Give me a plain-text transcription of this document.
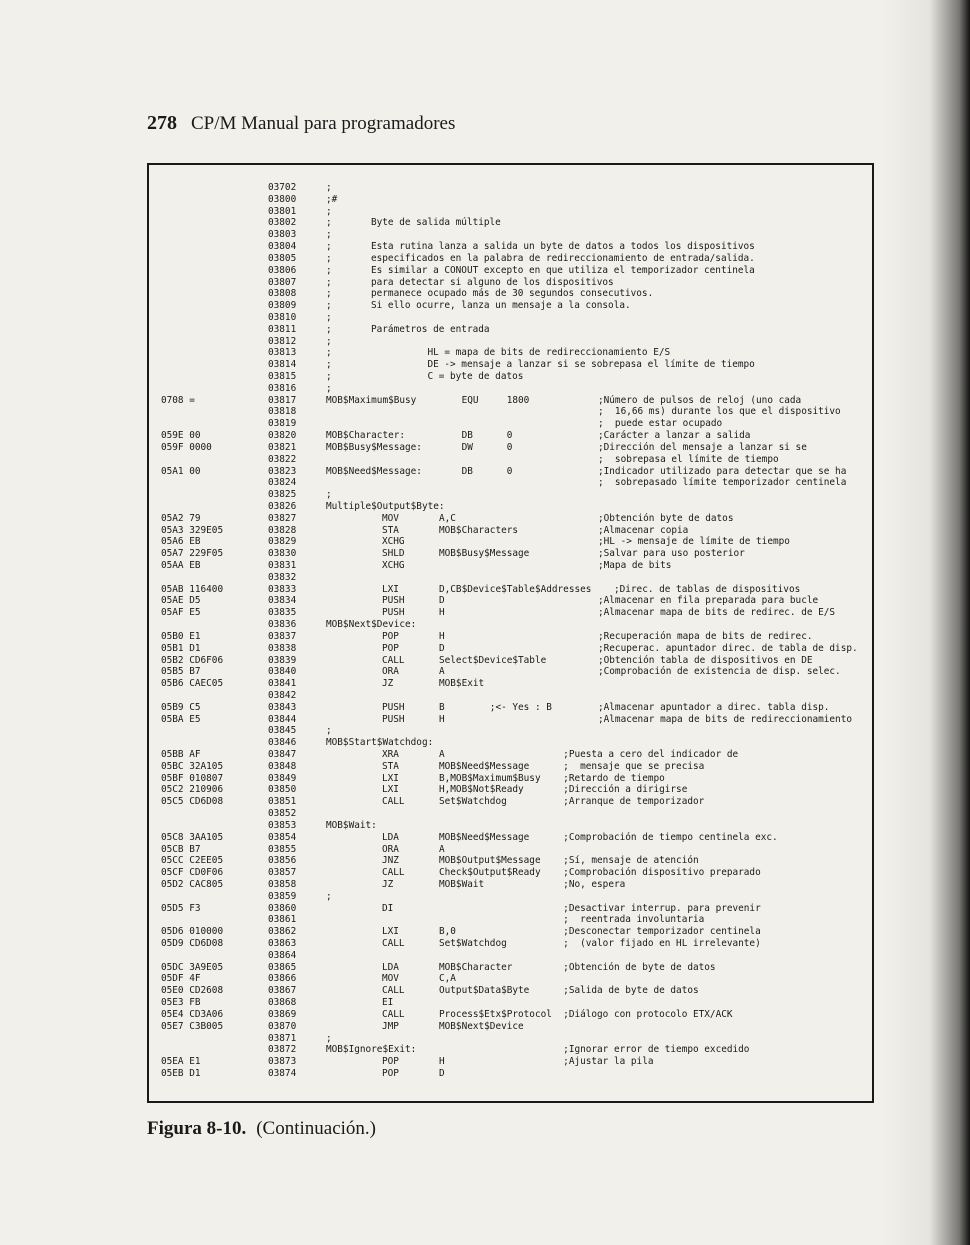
278 CP/M Manual para programadores
03702	;
03800	;#
03801	;
03802	;	Byte de salida múltiple
03803	;
03804	;	Esta rutina lanza a salida un byte de datos a todos los dispositivos
03805	;	especificados en la palabra de redireccionamiento de entrada/salida.
03806	;	Es similar a CONOUT excepto en que utiliza el temporizador centinela
03807	;	para detectar si alguno de los dispositivos
03808	;	permanece ocupado más de 30 segundos consecutivos.
03809	;	Si ello ocurre, lanza un mensaje a la consola.
03810	;
03811	;	Parámetros de entrada
03812	;
03813	;	HL = mapa de bits de redireccionamiento E/S
03814	;	DE -> mensaje a lanzar si se sobrepasa el límite de tiempo
03815	;	C = byte de datos
03816	;
0708 =	03817	MOB$Maximum$Busy EQU     1800	;Número de pulsos de reloj (uno cada
03818	;  16,66 ms) durante los que el dispositivo
03819	;  puede estar ocupado
059E 00	03820	MOB$Character:	DB      0	;Carácter a lanzar a salida
059F 0000	03821	MOB$Busy$Message: DW      0	;Dirección del mensaje a lanzar si se
03822	;  sobrepasa el límite de tiempo
05A1 00	03823	MOB$Need$Message: DB      0	;Indicador utilizado para detectar que se ha
03824	;  sobrepasado límite temporizador centinela
03825	;
03826	Multiple$Output$Byte:
05A2 79	03827	MOV	A,C	;Obtención byte de datos
05A3 329E05	03828	STA	MOB$Characters	;Almacenar copia
05A6 EB	03829	XCHG	;HL -> mensaje de límite de tiempo
05A7 229F05	03830	SHLD	MOB$Busy$Message	;Salvar para uso posterior
05AA EB	03831	XCHG	;Mapa de bits
03832
05AB 116400	03833	LXI	D,CB$Device$Table$Addresses    ;Direc. de tablas de dispositivos
05AE D5	03834	PUSH	D	;Almacenar en fila preparada para bucle
05AF E5	03835	PUSH	H	;Almacenar mapa de bits de redirec. de E/S
03836	MOB$Next$Device:
05B0 E1	03837	POP	H	;Recuperación mapa de bits de redirec.
05B1 D1	03838	POP	D	;Recuperac. apuntador direc. de tabla de disp.
05B2 CD6F06	03839	CALL	Select$Device$Table	;Obtención tabla de dispositivos en DE
05B5 B7	03840	ORA	A	;Comprobación de existencia de disp. selec.
05B6 CAEC05	03841	JZ	MOB$Exit
03842
05B9 C5	03843	PUSH	B        ;<- Yes : B	;Almacenar apuntador a direc. tabla disp.
05BA E5	03844	PUSH	H	;Almacenar mapa de bits de redireccionamiento
03845	;
03846	MOB$Start$Watchdog:
05BB AF	03847	XRA	A                     ;Puesta a cero del indicador de
05BC 32A105	03848	STA	MOB$Need$Message      ;  mensaje que se precisa
05BF 010807	03849	LXI	B,MOB$Maximum$Busy    ;Retardo de tiempo
05C2 210906	03850	LXI	H,MOB$Not$Ready       ;Dirección a dirigirse
05C5 CD6D08	03851	CALL	Set$Watchdog          ;Arranque de temporizador
03852
03853	MOB$Wait:
05C8 3AA105	03854	LDA	MOB$Need$Message      ;Comprobación de tiempo centinela exc.
05CB B7	03855	ORA	A
05CC C2EE05	03856	JNZ	MOB$Output$Message    ;Sí, mensaje de atención
05CF CD0F06	03857	CALL	Check$Output$Ready    ;Comprobación dispositivo preparado
05D2 CAC805	03858	JZ	MOB$Wait              ;No, espera
03859	;
05D5 F3	03860	DI	;Desactivar interrup. para prevenir
03861	;  reentrada involuntaria
05D6 010000	03862	LXI	B,0                   ;Desconectar temporizador centinela
05D9 CD6D08	03863	CALL	Set$Watchdog          ;  (valor fijado en HL irrelevante)
03864
05DC 3A9E05	03865	LDA	MOB$Character         ;Obtención de byte de datos
05DF 4F	03866	MOV	C,A
05E0 CD2608	03867	CALL	Output$Data$Byte      ;Salida de byte de datos
05E3 FB	03868	EI
05E4 CD3A06	03869	CALL	Process$Etx$Protocol  ;Diálogo con protocolo ETX/ACK
05E7 C3B005	03870	JMP	MOB$Next$Device
03871	;
03872	MOB$Ignore$Exit: ;Ignorar error de tiempo excedido
05EA E1	03873	POP	H                     ;Ajustar la pila
05EB D1	03874	POP	D
Figura 8-10. (Continuación.)
